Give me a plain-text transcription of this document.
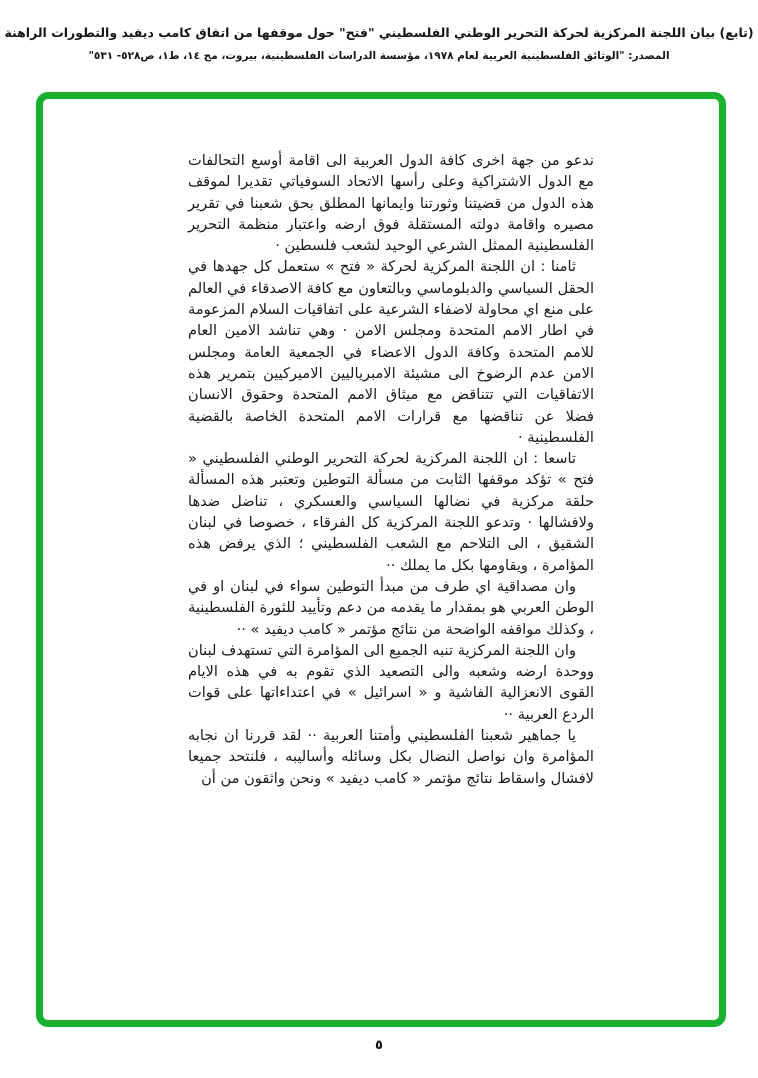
(تابع) بيان اللجنة المركزية لحركة التحرير الوطني الفلسطيني "فتح" حول موقفها من اتفاق كامب ديفيد والتطورات الراهنة
المصدر: "الوثائق الفلسطينية العربية لعام ١٩٧٨، مؤسسة الدراسات الفلسطينية، بيروت، مج ١٤، ط١، ص٥٢٨- ٥٣١"

ندعو من جهة اخرى كافة الدول العربية الى اقامة أوسع التحالفات مع الدول الاشتراكية وعلى رأسها الاتحاد السوفياتي تقديرا لموقف هذه الدول من قضيتنا وثورتنا وايمانها المطلق بحق شعبنا في تقرير مصيره واقامة دولته المستقلة فوق ارضه واعتبار منظمة التحرير الفلسطينية الممثل الشرعي الوحيد لشعب فلسطين ·

ثامنا : ان اللجنة المركزية لحركة « فتح » ستعمل كل جهدها في الحقل السياسي والدبلوماسي وبالتعاون مع كافة الاصدقاء في العالم على منع اي محاولة لاضفاء الشرعية على اتفاقيات السلام المزعومة في اطار الامم المتحدة ومجلس الامن · وهي تناشد الامين العام للامم المتحدة وكافة الدول الاعضاء في الجمعية العامة ومجلس الامن عدم الرضوخ الى مشيئة الامبرياليين الاميركيين بتمرير هذه الاتفاقيات التي تتناقض مع ميثاق الامم المتحدة وحقوق الانسان فضلا عن تناقضها مع قرارات الامم المتحدة الخاصة بالقضية الفلسطينية ·

تاسعا : ان اللجنة المركزية لحركة التحرير الوطني الفلسطيني « فتح » تؤكد موقفها الثابت من مسألة التوطين وتعتبر هذه المسألة حلقة مركزية في نضالها السياسي والعسكري ، تناضل ضدها ولافشالها · وتدعو اللجنة المركزية كل الفرقاء ، خصوصا في لبنان الشقيق ، الى التلاحم مع الشعب الفلسطيني ؛ الذي يرفض هذه المؤامرة ، ويقاومها بكل ما يملك ··

وان مصداقية اي طرف من مبدأ التوطين سواء في لبنان او في الوطن العربي هو بمقدار ما يقدمه من دعم وتأييد للثورة الفلسطينية ، وكذلك مواقفه الواضحة من نتائج مؤتمر « كامب ديفيد » ··

وان اللجنة المركزية تنبه الجميع الى المؤامرة التي تستهدف لبنان ووحدة ارضه وشعبه والى التصعيد الذي تقوم به في هذه الايام القوى الانعزالية الفاشية و « اسرائيل » في اعتداءاتها على قوات الردع العربية ··

يا جماهير شعبنا الفلسطيني وأمتنا العربية ·· لقد قررنا ان نجابه المؤامرة وان نواصل النضال بكل وسائله وأساليبه ، فلنتحد جميعا لافشال واسقاط نتائج مؤتمر « كامب ديفيد » ونحن واثقون من أن

٥
